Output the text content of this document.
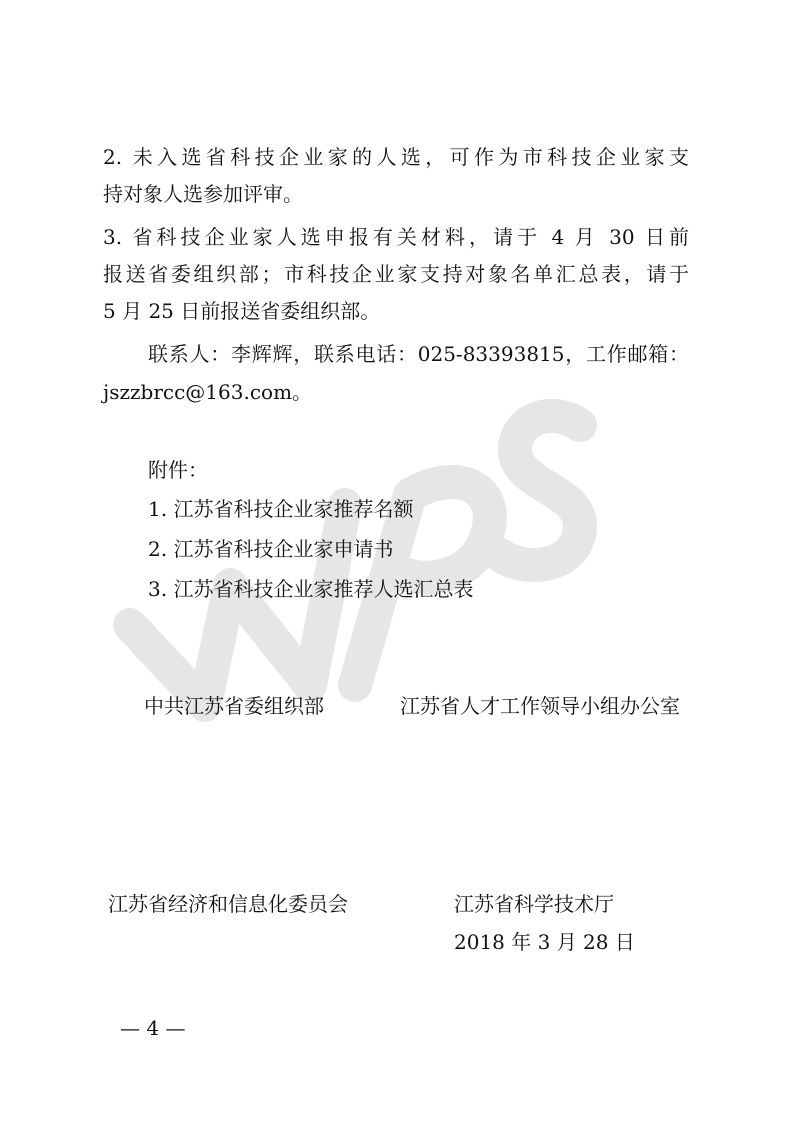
2. 未入选省科技企业家的人选，可作为市科技企业家支
持对象人选参加评审。
3. 省科技企业家人选申报有关材料，请于 4 月 30 日前
报送省委组织部；市科技企业家支持对象名单汇总表，请于
5 月 25 日前报送省委组织部。
联系人：李辉辉，联系电话：025-83393815，工作邮箱：
jszzbrcc@163.com。
附件：
1. 江苏省科技企业家推荐名额
2. 江苏省科技企业家申请书
3. 江苏省科技企业家推荐人选汇总表
中共江苏省委组织部	江苏省人才工作领导小组办公室
江苏省经济和信息化委员会	江苏省科学技术厅
2018 年 3 月 28 日
— 4 —
